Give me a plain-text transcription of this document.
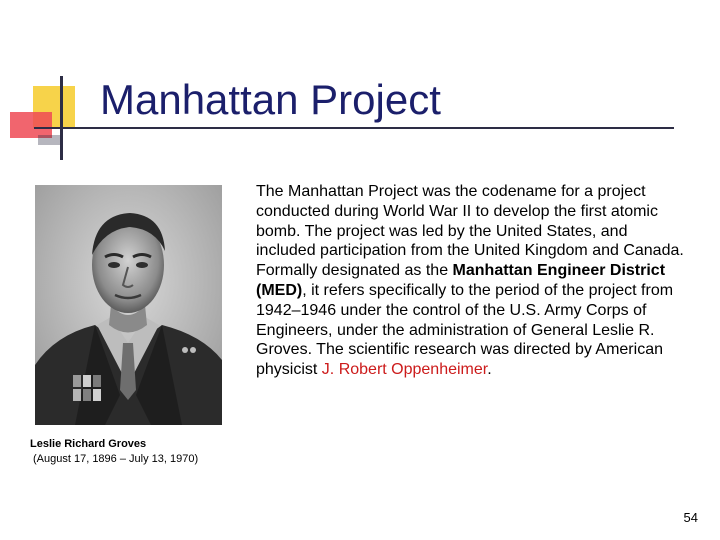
Manhattan Project
Leslie Richard Groves
(August 17, 1896 – July 13, 1970)

The Manhattan Project was the codename for a project conducted during World War II to develop the first atomic bomb. The project was led by the United States, and included participation from the United Kingdom and Canada. Formally designated as the Manhattan Engineer District (MED), it refers specifically to the period of the project from 1942–1946 under the control of the U.S. Army Corps of Engineers, under the administration of General Leslie R. Groves. The scientific research was directed by American physicist J. Robert Oppenheimer.

54
